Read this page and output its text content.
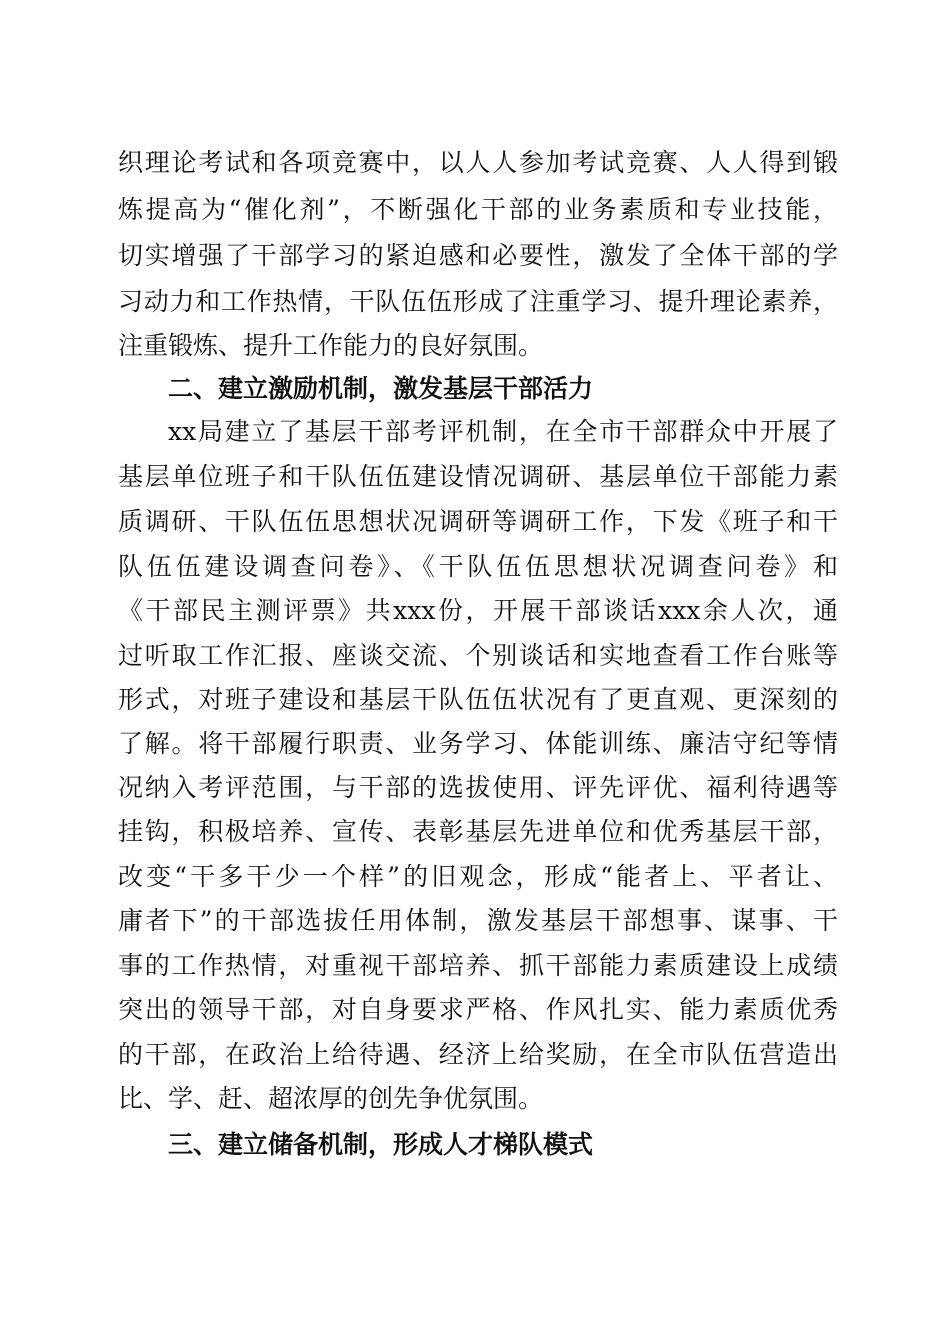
织理论考试和各项竞赛中，以人人参加考试竞赛、人人得到锻
炼提高为“催化剂”，不断强化干部的业务素质和专业技能，
切实增强了干部学习的紧迫感和必要性，激发了全体干部的学
习动力和工作热情，干队伍伍形成了注重学习、提升理论素养，
注重锻炼、提升工作能力的良好氛围。
二、建立激励机制，激发基层干部活力
xx局建立了基层干部考评机制，在全市干部群众中开展了
基层单位班子和干队伍伍建设情况调研、基层单位干部能力素
质调研、干队伍伍思想状况调研等调研工作，下发《班子和干
队伍伍建设调查问卷》、《干队伍伍思想状况调查问卷》和
《干部民主测评票》共xxx份，开展干部谈话xxx余人次，通
过听取工作汇报、座谈交流、个别谈话和实地查看工作台账等
形式，对班子建设和基层干队伍伍状况有了更直观、更深刻的
了解。将干部履行职责、业务学习、体能训练、廉洁守纪等情
况纳入考评范围，与干部的选拔使用、评先评优、福利待遇等
挂钩，积极培养、宣传、表彰基层先进单位和优秀基层干部，
改变“干多干少一个样”的旧观念，形成“能者上、平者让、
庸者下”的干部选拔任用体制，激发基层干部想事、谋事、干
事的工作热情，对重视干部培养、抓干部能力素质建设上成绩
突出的领导干部，对自身要求严格、作风扎实、能力素质优秀
的干部，在政治上给待遇、经济上给奖励，在全市队伍营造出
比、学、赶、超浓厚的创先争优氛围。
三、建立储备机制，形成人才梯队模式
